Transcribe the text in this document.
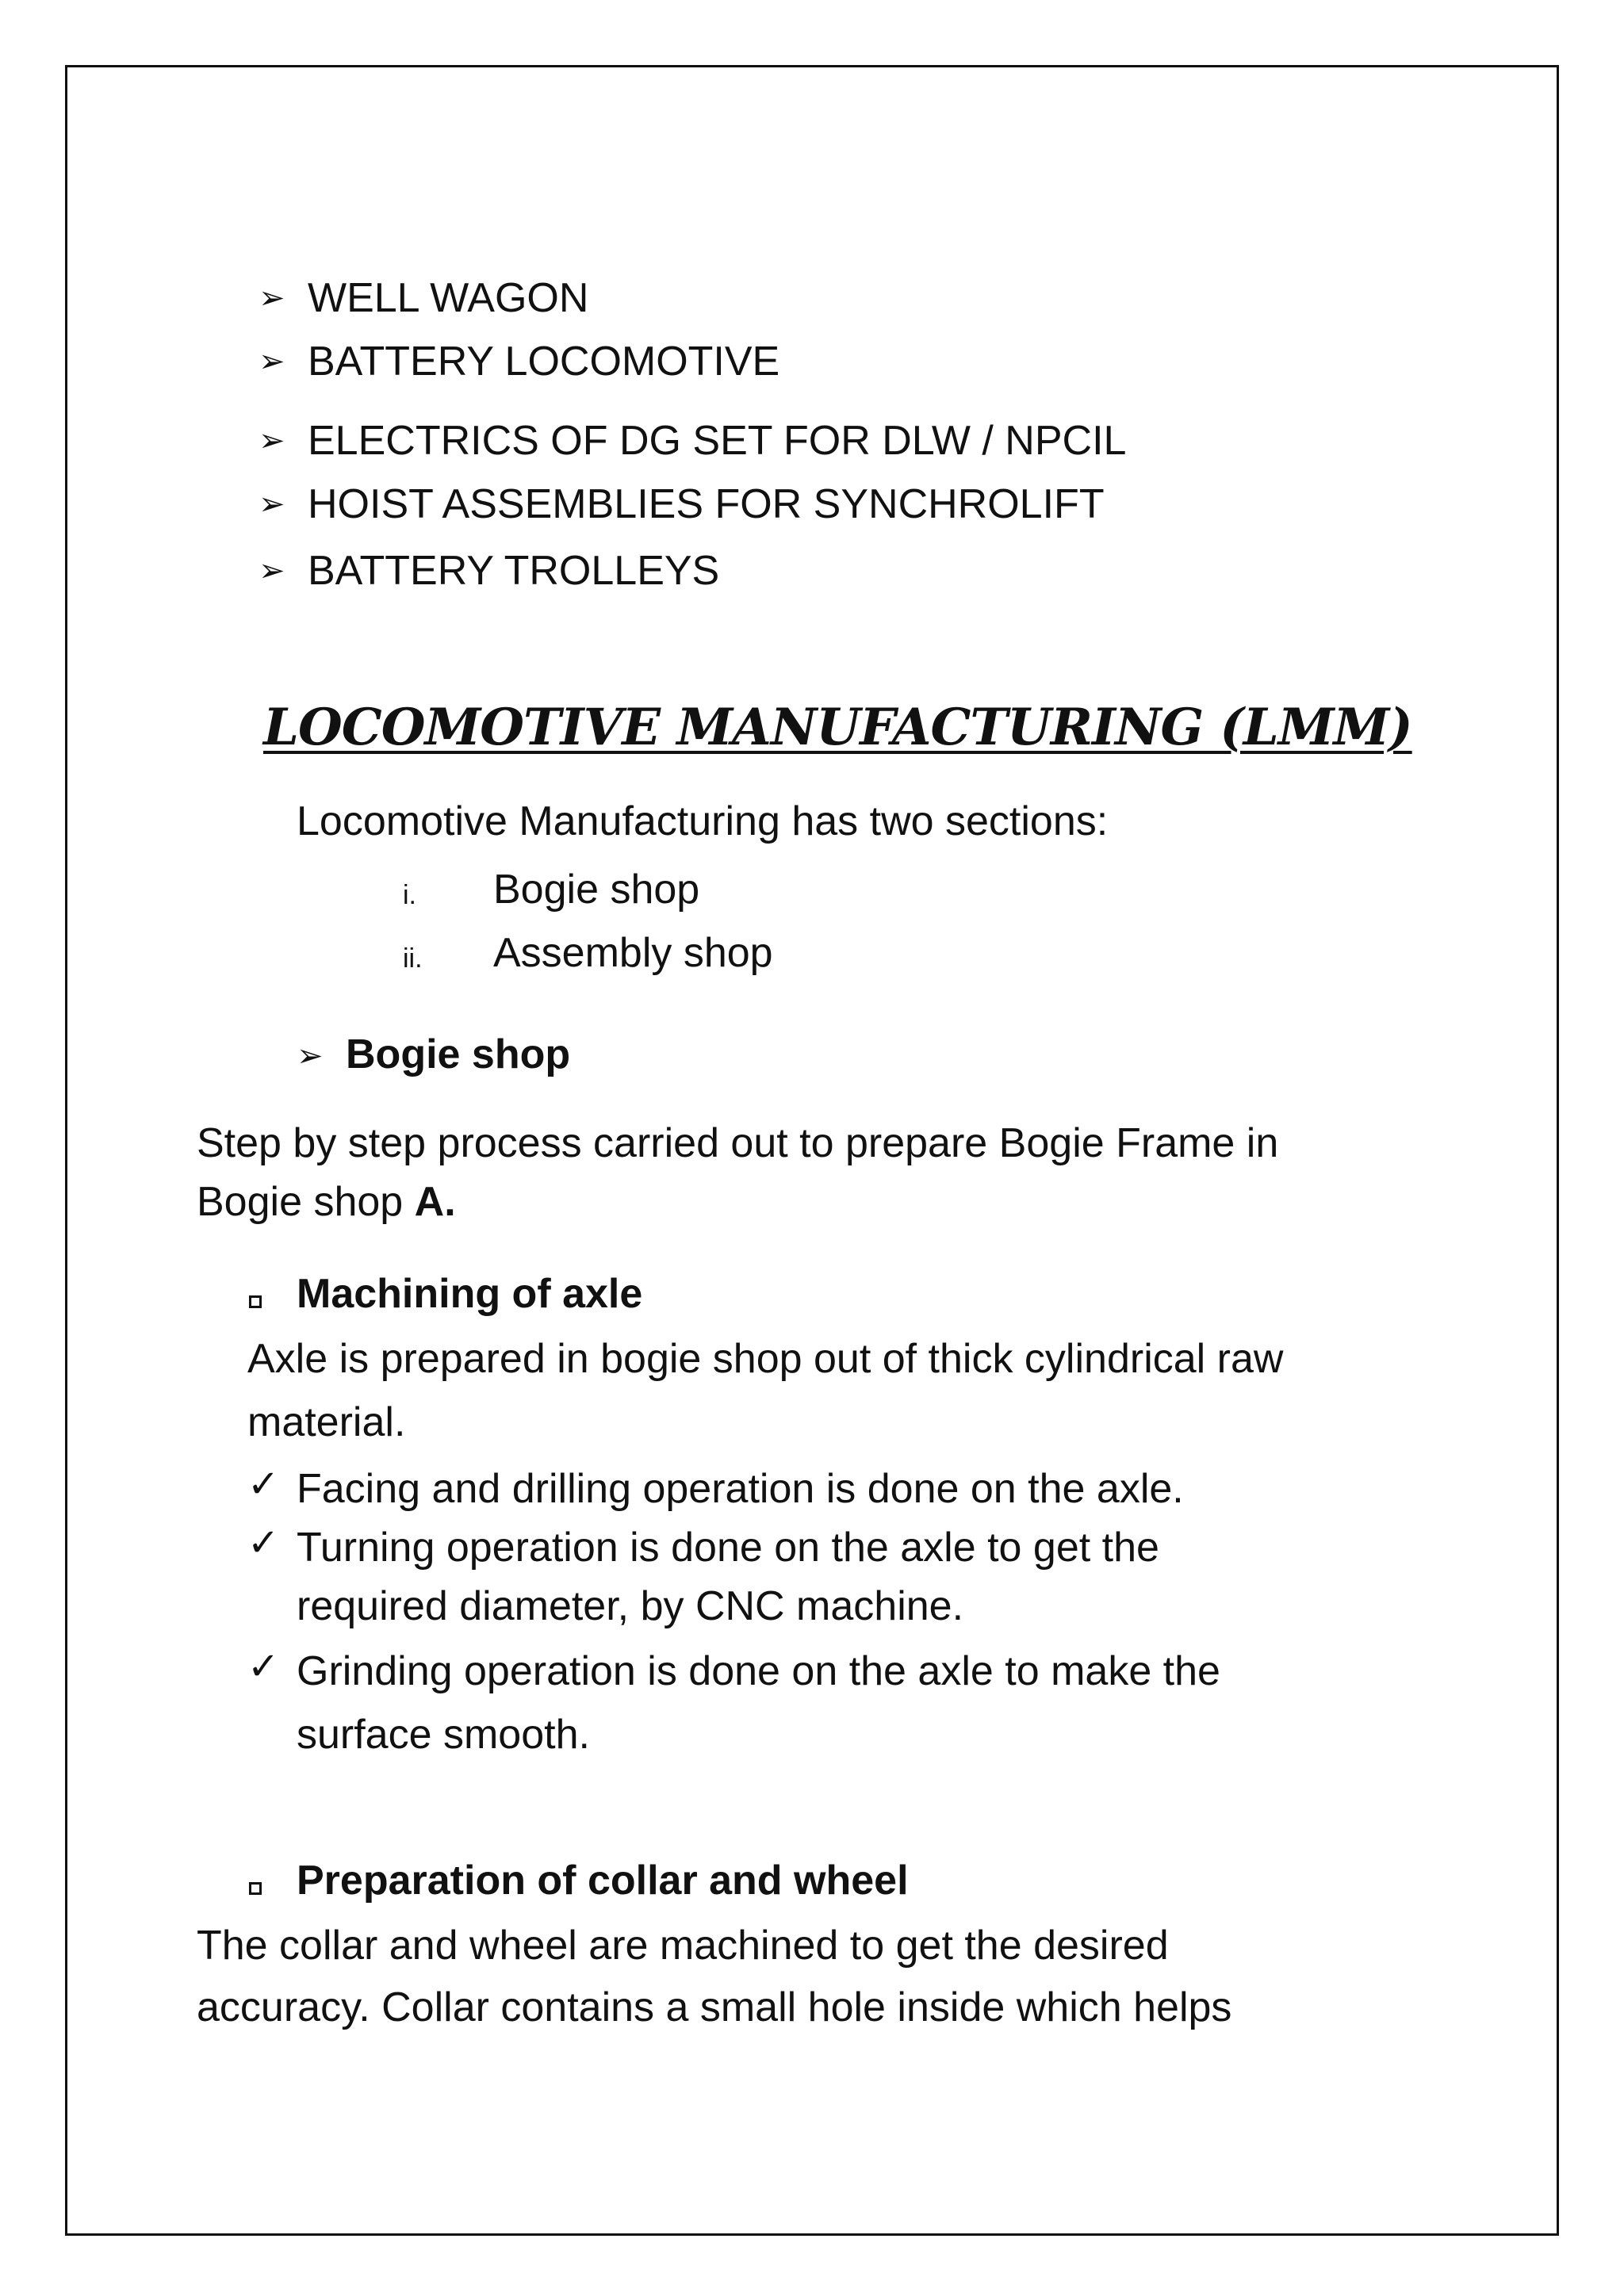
➢ WELL WAGON
➢ BATTERY LOCOMOTIVE
➢ ELECTRICS OF DG SET FOR DLW / NPCIL
➢ HOIST ASSEMBLIES FOR SYNCHROLIFT
➢ BATTERY TROLLEYS
LOCOMOTIVE MANUFACTURING (LMM)
Locomotive Manufacturing has two sections:
i. Bogie shop
ii. Assembly shop
➢ Bogie shop
Step by step process carried out to prepare Bogie Frame in
Bogie shop A.
Machining of axle
Axle is prepared in bogie shop out of thick cylindrical raw
material.
✓ Facing and drilling operation is done on the axle.
✓ Turning operation is done on the axle to get the
required diameter, by CNC machine.
✓ Grinding operation is done on the axle to make the
surface smooth.
Preparation of collar and wheel
The collar and wheel are machined to get the desired
accuracy. Collar contains a small hole inside which helps
